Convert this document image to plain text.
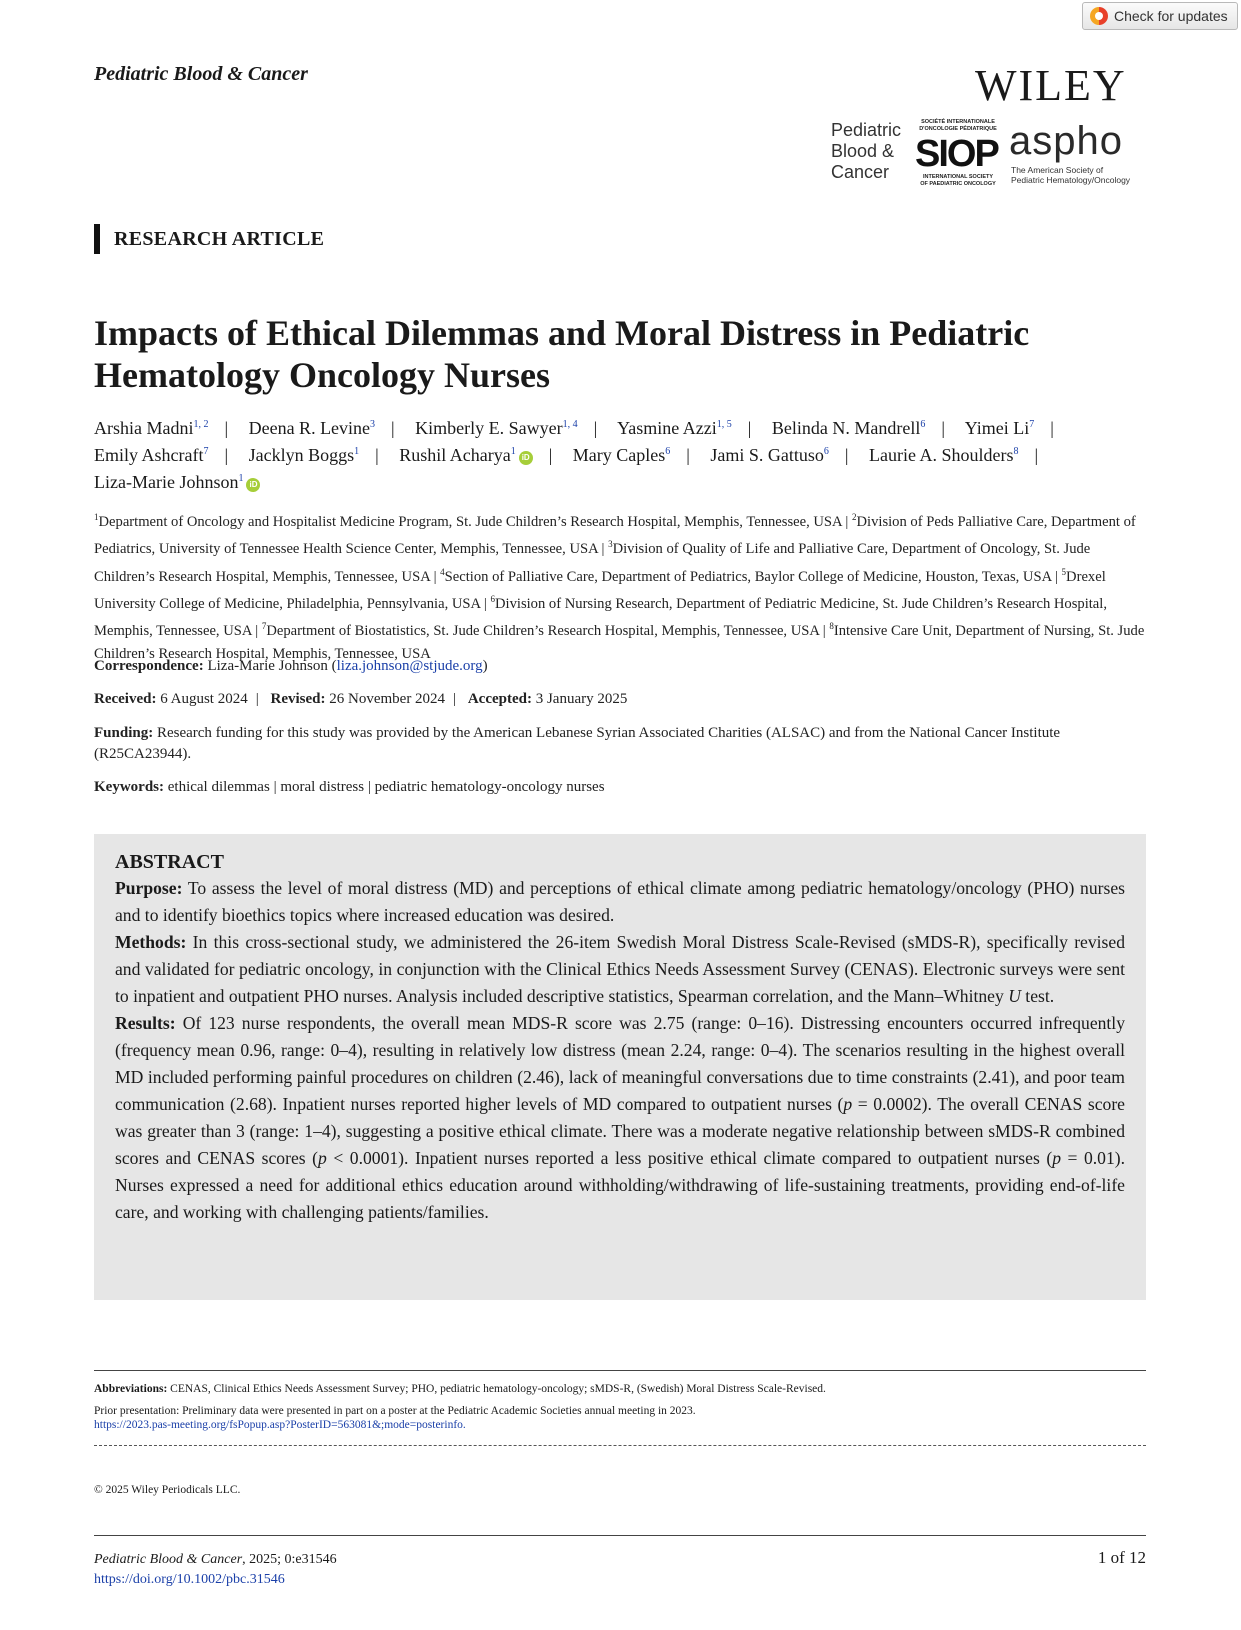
Check for updates
Pediatric Blood & Cancer	WILEY
Pediatric
Blood &
Cancer
SOCIÉTÉ INTERNATIONALE
D'ONCOLOGIE PÉDIATRIQUE
SIOP
INTERNATIONAL SOCIETY
OF PAEDIATRIC ONCOLOGY
aspho
The American Society of
Pediatric Hematology/Oncology
RESEARCH ARTICLE
Impacts of Ethical Dilemmas and Moral Distress in Pediatric Hematology Oncology Nurses
Arshia Madni$^{1, 2}$ | Deena R. Levine$^3$ | Kimberly E. Sawyer$^{1, 4}$ | Yasmine Azzi$^{1, 5}$ | Belinda N. Mandrell$^6$ | Yimei Li$^7$ | Emily Ashcraft$^7$ | Jacklyn Boggs$^1$ | Rushil Acharya$^1$iD | Mary Caples$^6$ | Jami S. Gattuso$^6$ | Laurie A. Shoulders$^8$ | Liza-Marie Johnson$^1$iD
$^1$Department of Oncology and Hospitalist Medicine Program, St. Jude Children’s Research Hospital, Memphis, Tennessee, USA | $^2$Division of Peds Palliative Care, Department of Pediatrics, University of Tennessee Health Science Center, Memphis, Tennessee, USA | $^3$Division of Quality of Life and Palliative Care, Department of Oncology, St. Jude Children’s Research Hospital, Memphis, Tennessee, USA | $^4$Section of Palliative Care, Department of Pediatrics, Baylor College of Medicine, Houston, Texas, USA | $^5$Drexel University College of Medicine, Philadelphia, Pennsylvania, USA | $^6$Division of Nursing Research, Department of Pediatric Medicine, St. Jude Children’s Research Hospital, Memphis, Tennessee, USA | $^7$Department of Biostatistics, St. Jude Children’s Research Hospital, Memphis, Tennessee, USA | $^8$Intensive Care Unit, Department of Nursing, St. Jude Children’s Research Hospital, Memphis, Tennessee, USA
Correspondence: Liza-Marie Johnson (liza.johnson@stjude.org)
Received: 6 August 2024 | Revised: 26 November 2024 | Accepted: 3 January 2025
Funding: Research funding for this study was provided by the American Lebanese Syrian Associated Charities (ALSAC) and from the National Cancer Institute (R25CA23944).
Keywords: ethical dilemmas | moral distress | pediatric hematology-oncology nurses
ABSTRACT

Purpose: To assess the level of moral distress (MD) and perceptions of ethical climate among pediatric hematology/oncology (PHO) nurses and to identify bioethics topics where increased education was desired.

Methods: In this cross-sectional study, we administered the 26-item Swedish Moral Distress Scale-Revised (sMDS-R), specifically revised and validated for pediatric oncology, in conjunction with the Clinical Ethics Needs Assessment Survey (CENAS). Electronic surveys were sent to inpatient and outpatient PHO nurses. Analysis included descriptive statistics, Spearman correlation, and the Mann–Whitney U test.

Results: Of 123 nurse respondents, the overall mean MDS-R score was 2.75 (range: 0–16). Distressing encounters occurred infrequently (frequency mean 0.96, range: 0–4), resulting in relatively low distress (mean 2.24, range: 0–4). The scenarios resulting in the highest overall MD included performing painful procedures on children (2.46), lack of meaningful conversations due to time constraints (2.41), and poor team communication (2.68). Inpatient nurses reported higher levels of MD compared to outpatient nurses (p = 0.0002). The overall CENAS score was greater than 3 (range: 1–4), suggesting a positive ethical climate. There was a moderate negative relationship between sMDS-R combined scores and CENAS scores (p < 0.0001). Inpatient nurses reported a less positive ethical climate compared to outpatient nurses (p = 0.01). Nurses expressed a need for additional ethics education around withholding/withdrawing of life-sustaining treatments, providing end-of-life care, and working with challenging patients/families.

Abbreviations: CENAS, Clinical Ethics Needs Assessment Survey; PHO, pediatric hematology-oncology; sMDS-R, (Swedish) Moral Distress Scale-Revised.
Prior presentation: Preliminary data were presented in part on a poster at the Pediatric Academic Societies annual meeting in 2023.
https://2023.pas-meeting.org/fsPopup.asp?PosterID=563081&;mode=posterinfo.
© 2025 Wiley Periodicals LLC.
Pediatric Blood & Cancer, 2025; 0:e31546
https://doi.org/10.1002/pbc.31546
1 of 12
